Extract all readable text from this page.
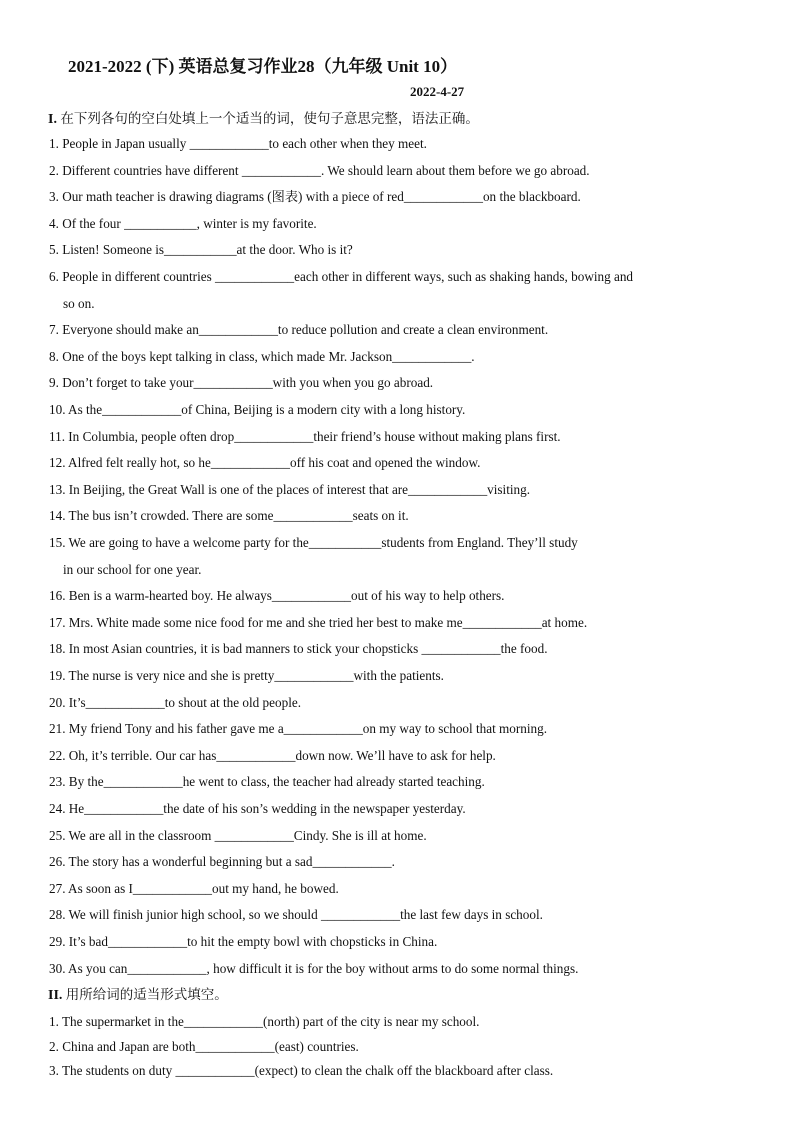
2021-2022 (下) 英语总复习作业28（九年级 Unit 10）
2022-4-27
I. 在下列各句的空白处填上一个适当的词，使句子意思完整，语法正确。
1. People in Japan usually ____________to each other when they meet.
2. Different countries have different ____________. We should learn about them before we go abroad.
3. Our math teacher is drawing diagrams (图表) with a piece of red____________on the blackboard.
4. Of the four ___________, winter is my favorite.
5. Listen! Someone is___________at the door. Who is it?
6. People in different countries ____________each other in different ways, such as shaking hands, bowing and
so on.
7. Everyone should make an____________to reduce pollution and create a clean environment.
8. One of the boys kept talking in class, which made Mr. Jackson____________.
9. Don’t forget to take your____________with you when you go abroad.
10. As the____________of China, Beijing is a modern city with a long history.
11. In Columbia, people often drop____________their friend’s house without making plans first.
12. Alfred felt really hot, so he____________off his coat and opened the window.
13. In Beijing, the Great Wall is one of the places of interest that are____________visiting.
14. The bus isn’t crowded. There are some____________seats on it.
15. We are going to have a welcome party for the___________students from England. They’ll study
in our school for one year.
16. Ben is a warm-hearted boy. He always____________out of his way to help others.
17. Mrs. White made some nice food for me and she tried her best to make me____________at home.
18. In most Asian countries, it is bad manners to stick your chopsticks ____________the food.
19. The nurse is very nice and she is pretty____________with the patients.
20. It’s____________to shout at the old people.
21. My friend Tony and his father gave me a____________on my way to school that morning.
22. Oh, it’s terrible. Our car has____________down now. We’ll have to ask for help.
23. By the____________he went to class, the teacher had already started teaching.
24. He____________the date of his son’s wedding in the newspaper yesterday.
25. We are all in the classroom ____________Cindy. She is ill at home.
26. The story has a wonderful beginning but a sad____________.
27. As soon as I____________out my hand, he bowed.
28. We will finish junior high school, so we should ____________the last few days in school.
29. It’s bad____________to hit the empty bowl with chopsticks in China.
30. As you can____________, how difficult it is for the boy without arms to do some normal things.
II. 用所给词的适当形式填空。
1. The supermarket in the____________(north) part of the city is near my school.
2. China and Japan are both____________(east) countries.
3. The students on duty ____________(expect) to clean the chalk off the blackboard after class.
